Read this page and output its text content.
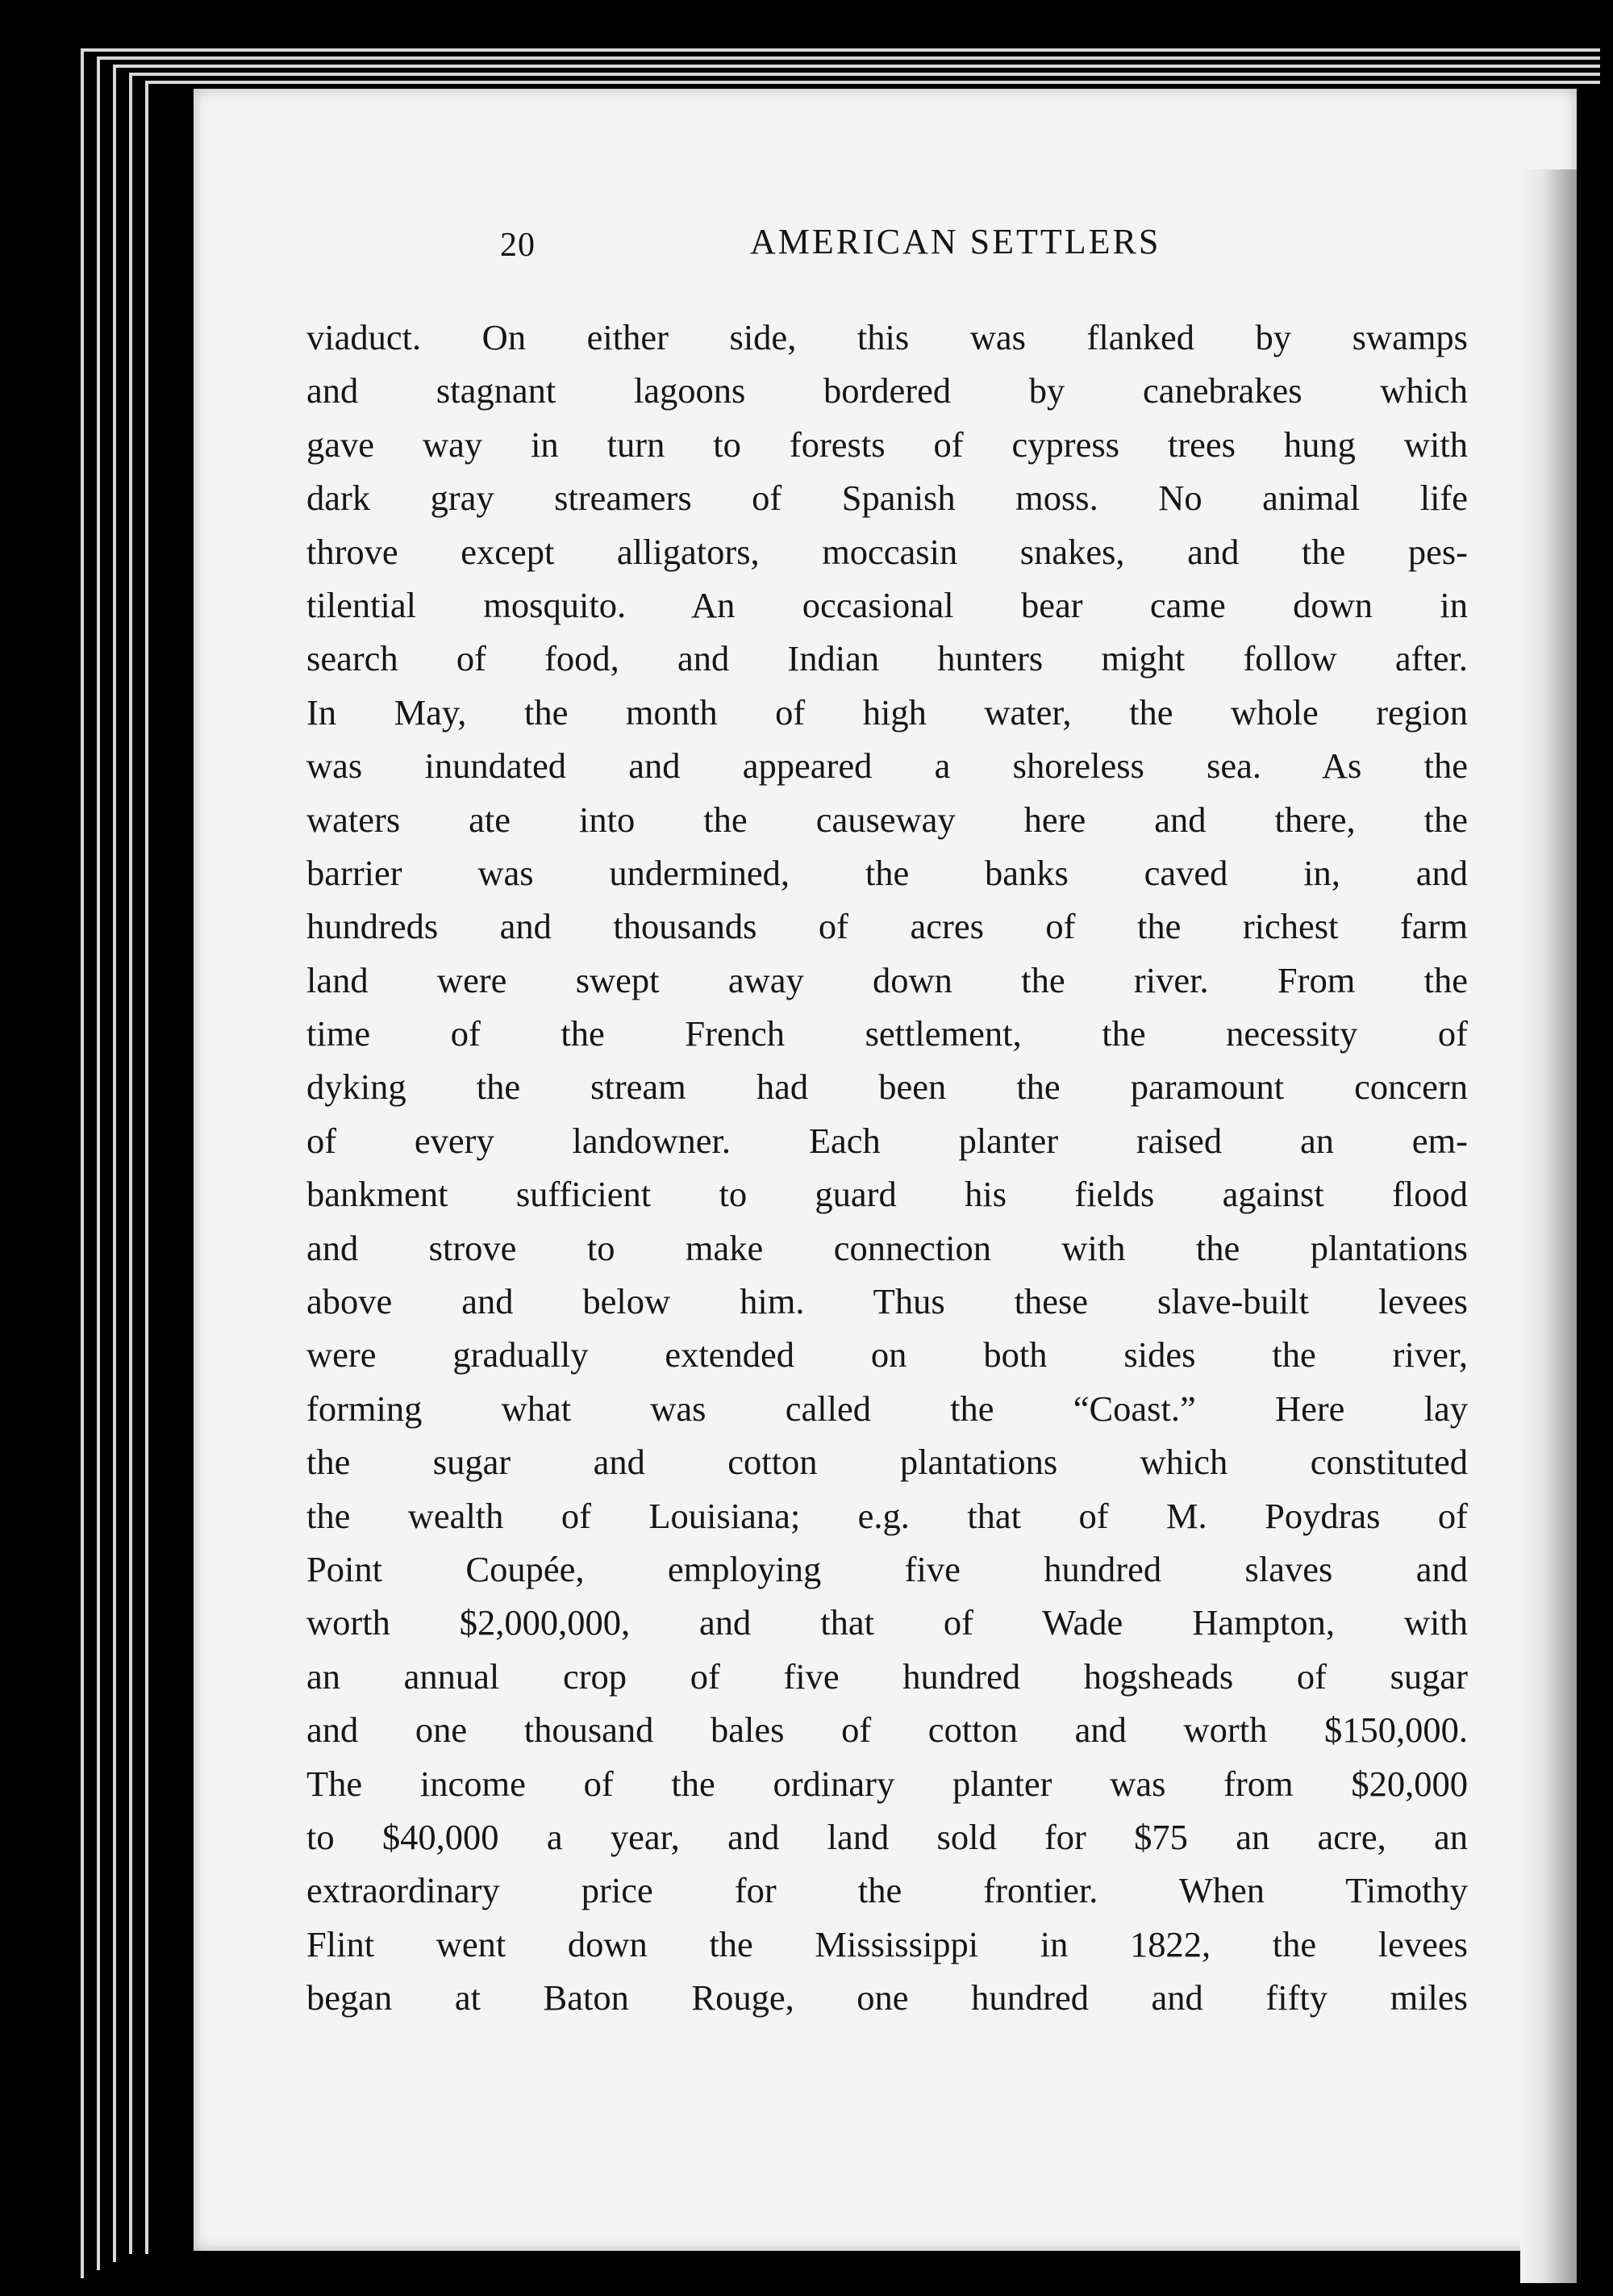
20	AMERICAN SETTLERS
viaduct. On either side, this was flanked by swamps
and stagnant lagoons bordered by canebrakes which
gave way in turn to forests of cypress trees hung with
dark gray streamers of Spanish moss. No animal life
throve except alligators, moccasin snakes, and the pes-
tilential mosquito. An occasional bear came down in
search of food, and Indian hunters might follow after.
In May, the month of high water, the whole region
was inundated and appeared a shoreless sea. As the
waters ate into the causeway here and there, the
barrier was undermined, the banks caved in, and
hundreds and thousands of acres of the richest farm
land were swept away down the river. From the
time of the French settlement, the necessity of
dyking the stream had been the paramount concern
of every landowner. Each planter raised an em-
bankment sufficient to guard his fields against flood
and strove to make connection with the plantations
above and below him. Thus these slave-built levees
were gradually extended on both sides the river,
forming what was called the “Coast.” Here lay
the sugar and cotton plantations which constituted
the wealth of Louisiana; e.g. that of M. Poydras of
Point Coupée, employing five hundred slaves and
worth $2,000,000, and that of Wade Hampton, with
an annual crop of five hundred hogsheads of sugar
and one thousand bales of cotton and worth $150,000.
The income of the ordinary planter was from $20,000
to $40,000 a year, and land sold for $75 an acre, an
extraordinary price for the frontier. When Timothy
Flint went down the Mississippi in 1822, the levees
began at Baton Rouge, one hundred and fifty miles
